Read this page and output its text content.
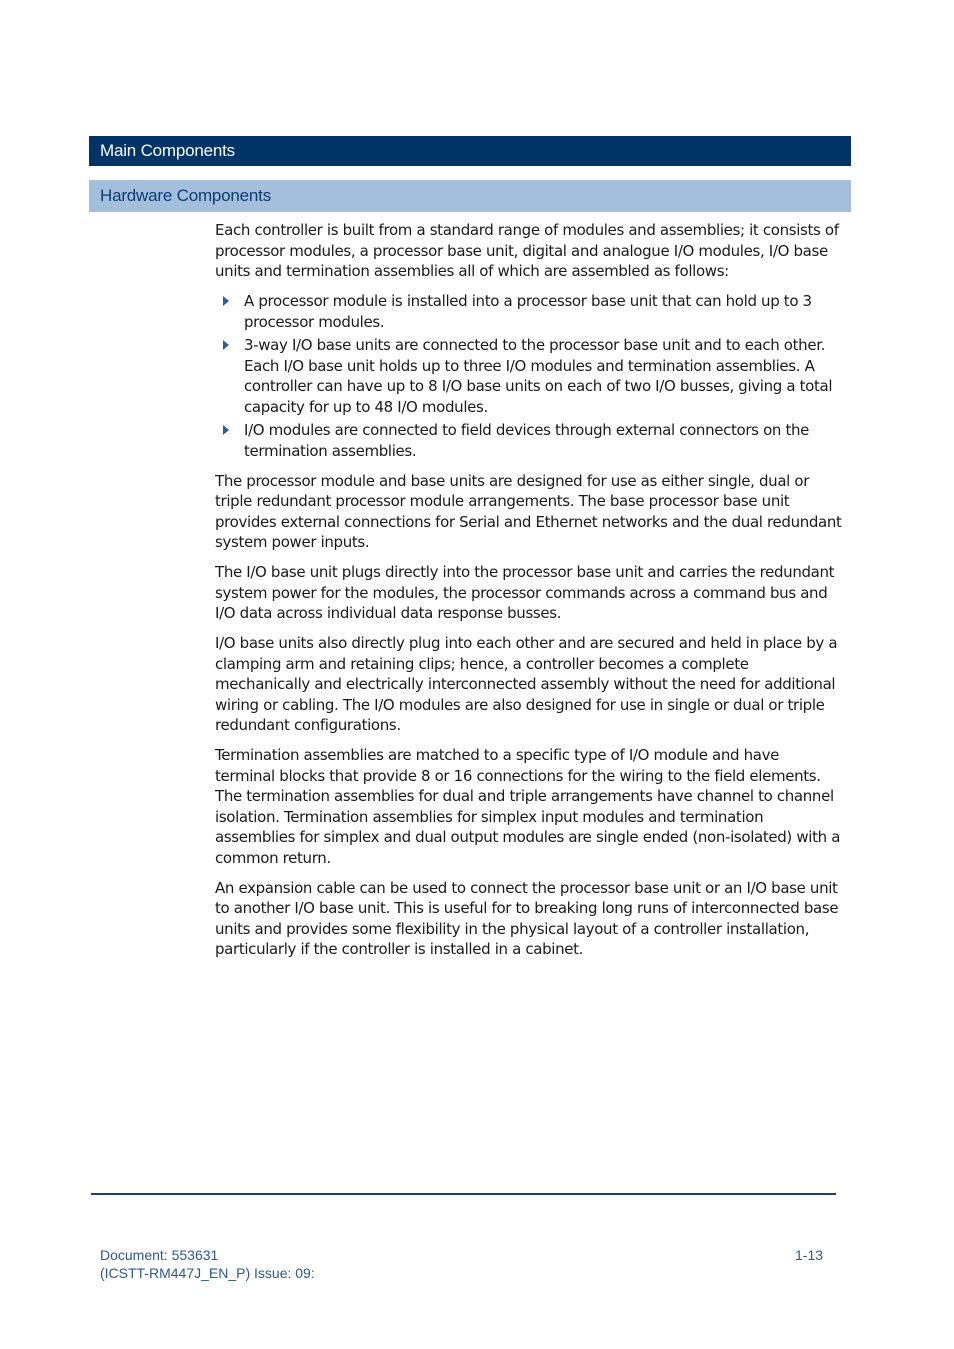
Main Components
Hardware Components

Each controller is built from a standard range of modules and assemblies; it consists of processor modules, a processor base unit, digital and analogue I/O modules, I/O base units and termination assemblies all of which are assembled as follows:

A processor module is installed into a processor base unit that can hold up to 3 processor modules.
3-way I/O base units are connected to the processor base unit and to each other. Each I/O base unit holds up to three I/O modules and termination assemblies. A controller can have up to 8 I/O base units on each of two I/O busses, giving a total capacity for up to 48 I/O modules.
I/O modules are connected to field devices through external connectors on the termination assemblies.

The processor module and base units are designed for use as either single, dual or triple redundant processor module arrangements. The base processor base unit provides external connections for Serial and Ethernet networks and the dual redundant system power inputs.

The I/O base unit plugs directly into the processor base unit and carries the redundant system power for the modules, the processor commands across a command bus and I/O data across individual data response busses.

I/O base units also directly plug into each other and are secured and held in place by a clamping arm and retaining clips; hence, a controller becomes a complete mechanically and electrically interconnected assembly without the need for additional wiring or cabling. The I/O modules are also designed for use in single or dual or triple redundant configurations.

Termination assemblies are matched to a specific type of I/O module and have terminal blocks that provide 8 or 16 connections for the wiring to the field elements. The termination assemblies for dual and triple arrangements have channel to channel isolation. Termination assemblies for simplex input modules and termination assemblies for simplex and dual output modules are single ended (non-isolated) with a common return.

An expansion cable can be used to connect the processor base unit or an I/O base unit to another I/O base unit. This is useful for to breaking long runs of interconnected base units and provides some flexibility in the physical layout of a controller installation, particularly if the controller is installed in a cabinet.

Document: 553631
(ICSTT-RM447J_EN_P) Issue: 09:
1-13
